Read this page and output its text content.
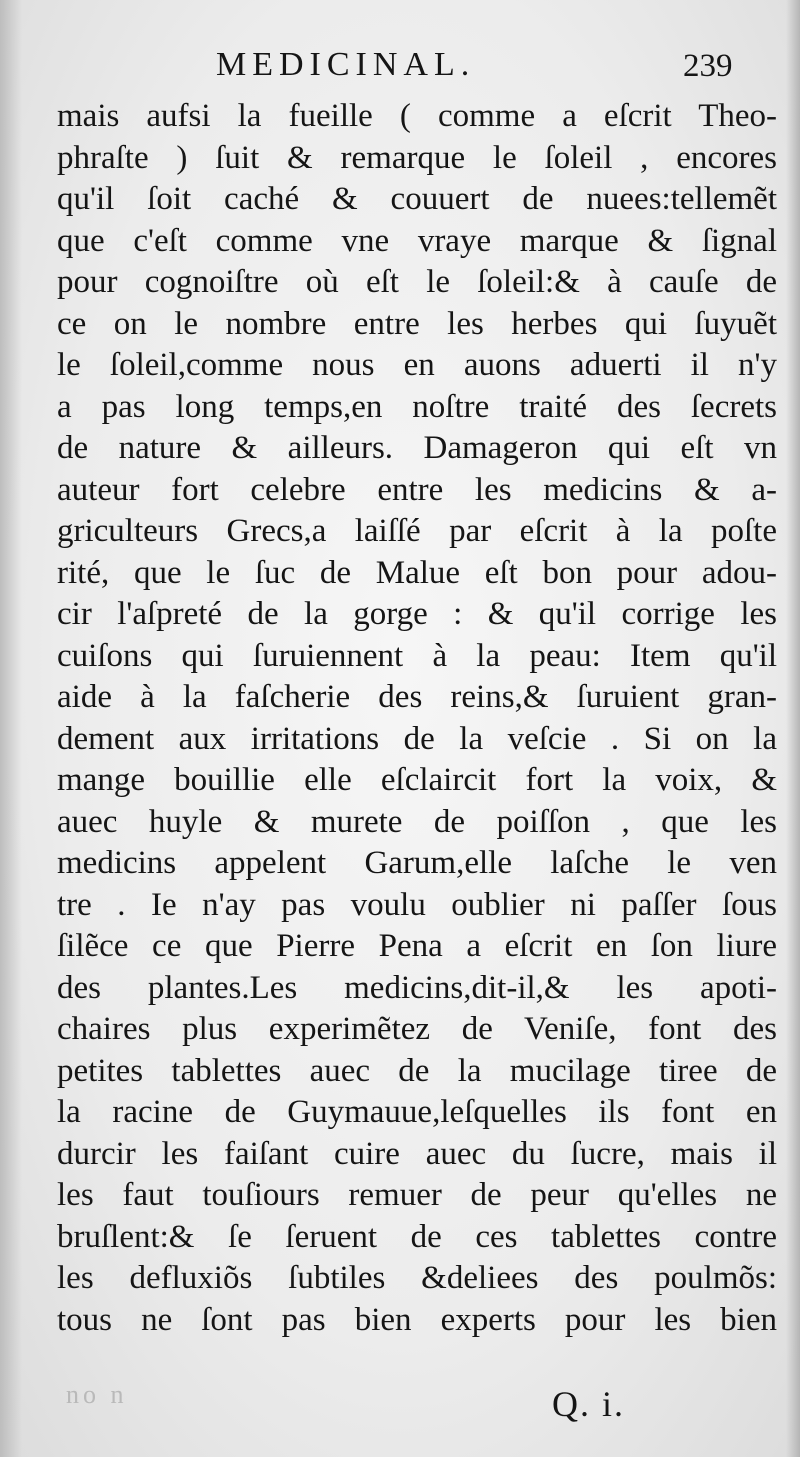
MEDICINAL.	239
mais aufsi la fueille ( comme a eſcrit Theo-
phraſte ) ſuit & remarque le ſoleil , encores
qu'il ſoit caché & couuert de nuees:tellemẽt
que c'eſt comme vne vraye marque & ſignal
pour cognoiſtre où eſt le ſoleil:& à cauſe de
ce on le nombre entre les herbes qui ſuyuẽt
le ſoleil,comme nous en auons aduerti il n'y
a pas long temps,en noſtre traité des ſecrets
de nature & ailleurs. Damageron qui eſt vn
auteur fort celebre entre les medicins & a-
griculteurs Grecs,a laiſſé par eſcrit à la poſte
rité, que le ſuc de Malue eſt bon pour adou-
cir l'aſpreté de la gorge : & qu'il corrige les
cuiſons qui ſuruiennent à la peau: Item qu'il
aide à la faſcherie des reins,& ſuruient gran-
dement aux irritations de la veſcie . Si on la
mange bouillie elle eſclaircit fort la voix, &
auec huyle & murete de poiſſon , que les
medicins appelent Garum,elle laſche le ven
tre . Ie n'ay pas voulu oublier ni paſſer ſous
ſilẽce ce que Pierre Pena a eſcrit en ſon liure
des plantes.Les medicins,dit-il,& les apoti-
chaires plus experimẽtez de Veniſe, font des
petites tablettes auec de la mucilage tiree de
la racine de Guymauue,leſquelles ils font en
durcir les faiſant cuire auec du ſucre, mais il
les faut touſiours remuer de peur qu'elles ne
bruſlent:& ſe ſeruent de ces tablettes contre
les defluxiõs ſubtiles &deliees des poulmõs:
tous ne ſont pas bien experts pour les bien
no n	Q. i.
